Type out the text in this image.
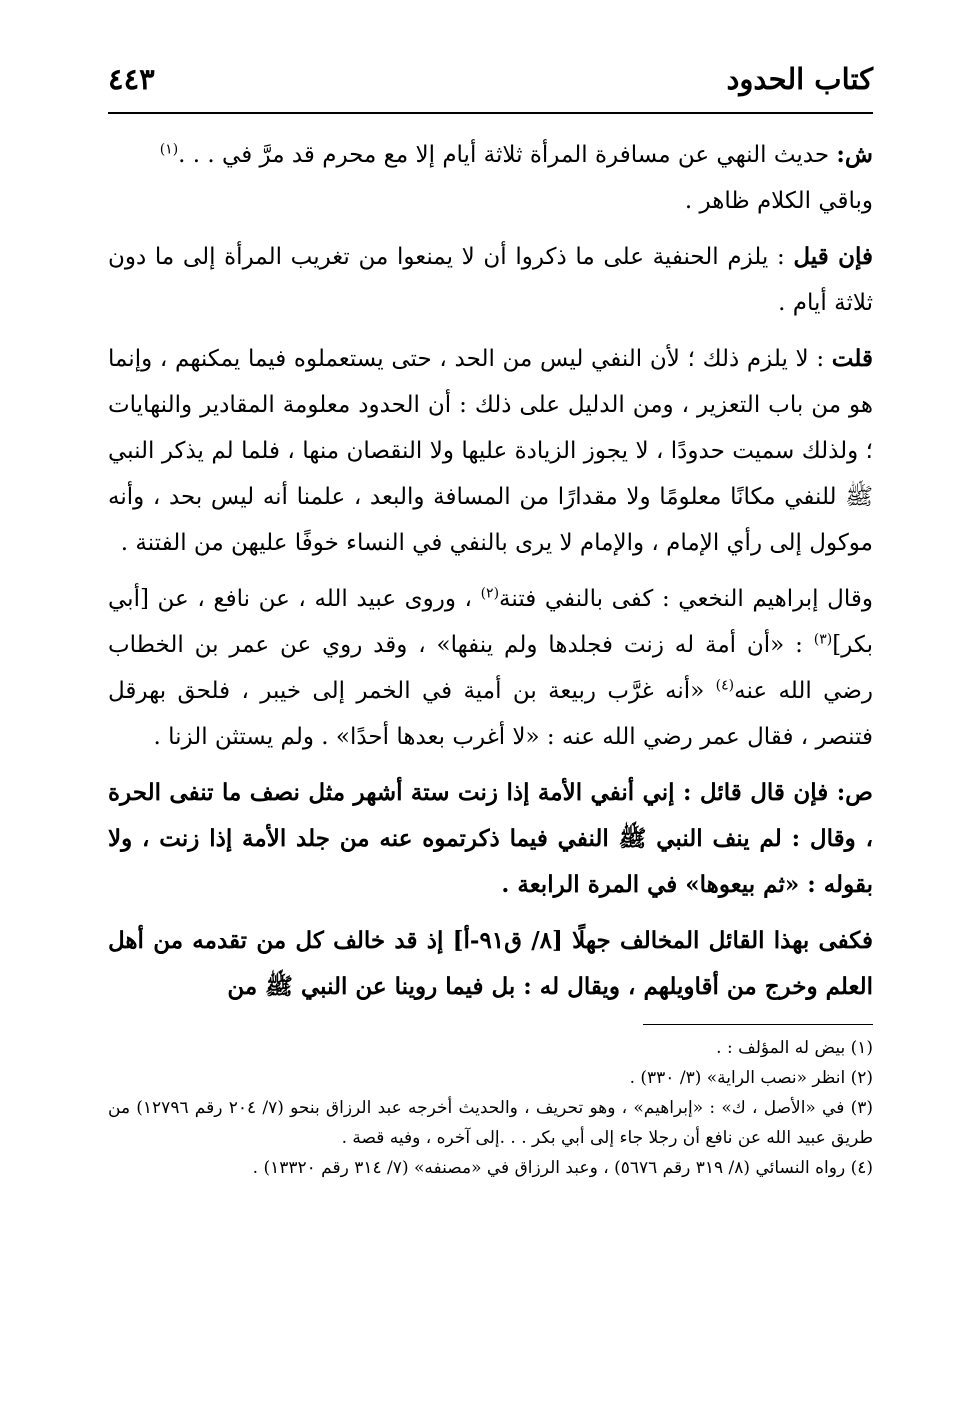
كتاب الحدود
٤٤٣

ش: حديث النهي عن مسافرة المرأة ثلاثة أيام إلا مع محرم قد مرَّ في . . .$^{(١)}$
وباقي الكلام ظاهر .

فإن قيل : يلزم الحنفية على ما ذكروا أن لا يمنعوا من تغريب المرأة إلى ما دون ثلاثة أيام .

قلت : لا يلزم ذلك ؛ لأن النفي ليس من الحد ، حتى يستعملوه فيما يمكنهم ، وإنما هو من باب التعزير ، ومن الدليل على ذلك : أن الحدود معلومة المقادير والنهايات ؛ ولذلك سميت حدودًا ، لا يجوز الزيادة عليها ولا النقصان منها ، فلما لم يذكر النبي ﷺ للنفي مكانًا معلومًا ولا مقدارًا من المسافة والبعد ، علمنا أنه ليس بحد ، وأنه موكول إلى رأي الإمام ، والإمام لا يرى بالنفي في النساء خوفًا عليهن من الفتنة .

وقال إبراهيم النخعي : كفى بالنفي فتنة$^{(٢)}$ ، وروى عبيد الله ، عن نافع ، عن [أبي بكر]$^{(٣)}$ : «أن أمة له زنت فجلدها ولم ينفها» ، وقد روي عن عمر بن الخطاب رضي الله عنه$^{(٤)}$ «أنه غرَّب ربيعة بن أمية في الخمر إلى خيبر ، فلحق بهرقل فتنصر ، فقال عمر رضي الله عنه : «لا أغرب بعدها أحدًا» . ولم يستثن الزنا .

ص: فإن قال قائل : إني أنفي الأمة إذا زنت ستة أشهر مثل نصف ما تنفى الحرة ، وقال : لم ينف النبي ﷺ النفي فيما ذكرتموه عنه من جلد الأمة إذا زنت ، ولا بقوله : «ثم بيعوها» في المرة الرابعة .

فكفى بهذا القائل المخالف جهلًا [٨/ ق٩١-أ] إذ قد خالف كل من تقدمه من أهل العلم وخرج من أقاويلهم ، ويقال له : بل فيما روينا عن النبي ﷺ من

(١) بيض له المؤلف : .

(٢) انظر «نصب الراية» (٣/ ٣٣٠) .

(٣) في «الأصل ، ك» : «إبراهيم» ، وهو تحريف ، والحديث أخرجه عبد الرزاق بنحو (٧/ ٢٠٤ رقم ١٢٧٩٦) من طريق عبيد الله عن نافع أن رجلا جاء إلى أبي بكر . . .إلى آخره ، وفيه قصة .

(٤) رواه النسائي (٨/ ٣١٩ رقم ٥٦٧٦) ، وعبد الرزاق في «مصنفه» (٧/ ٣١٤ رقم ١٣٣٢٠) .
